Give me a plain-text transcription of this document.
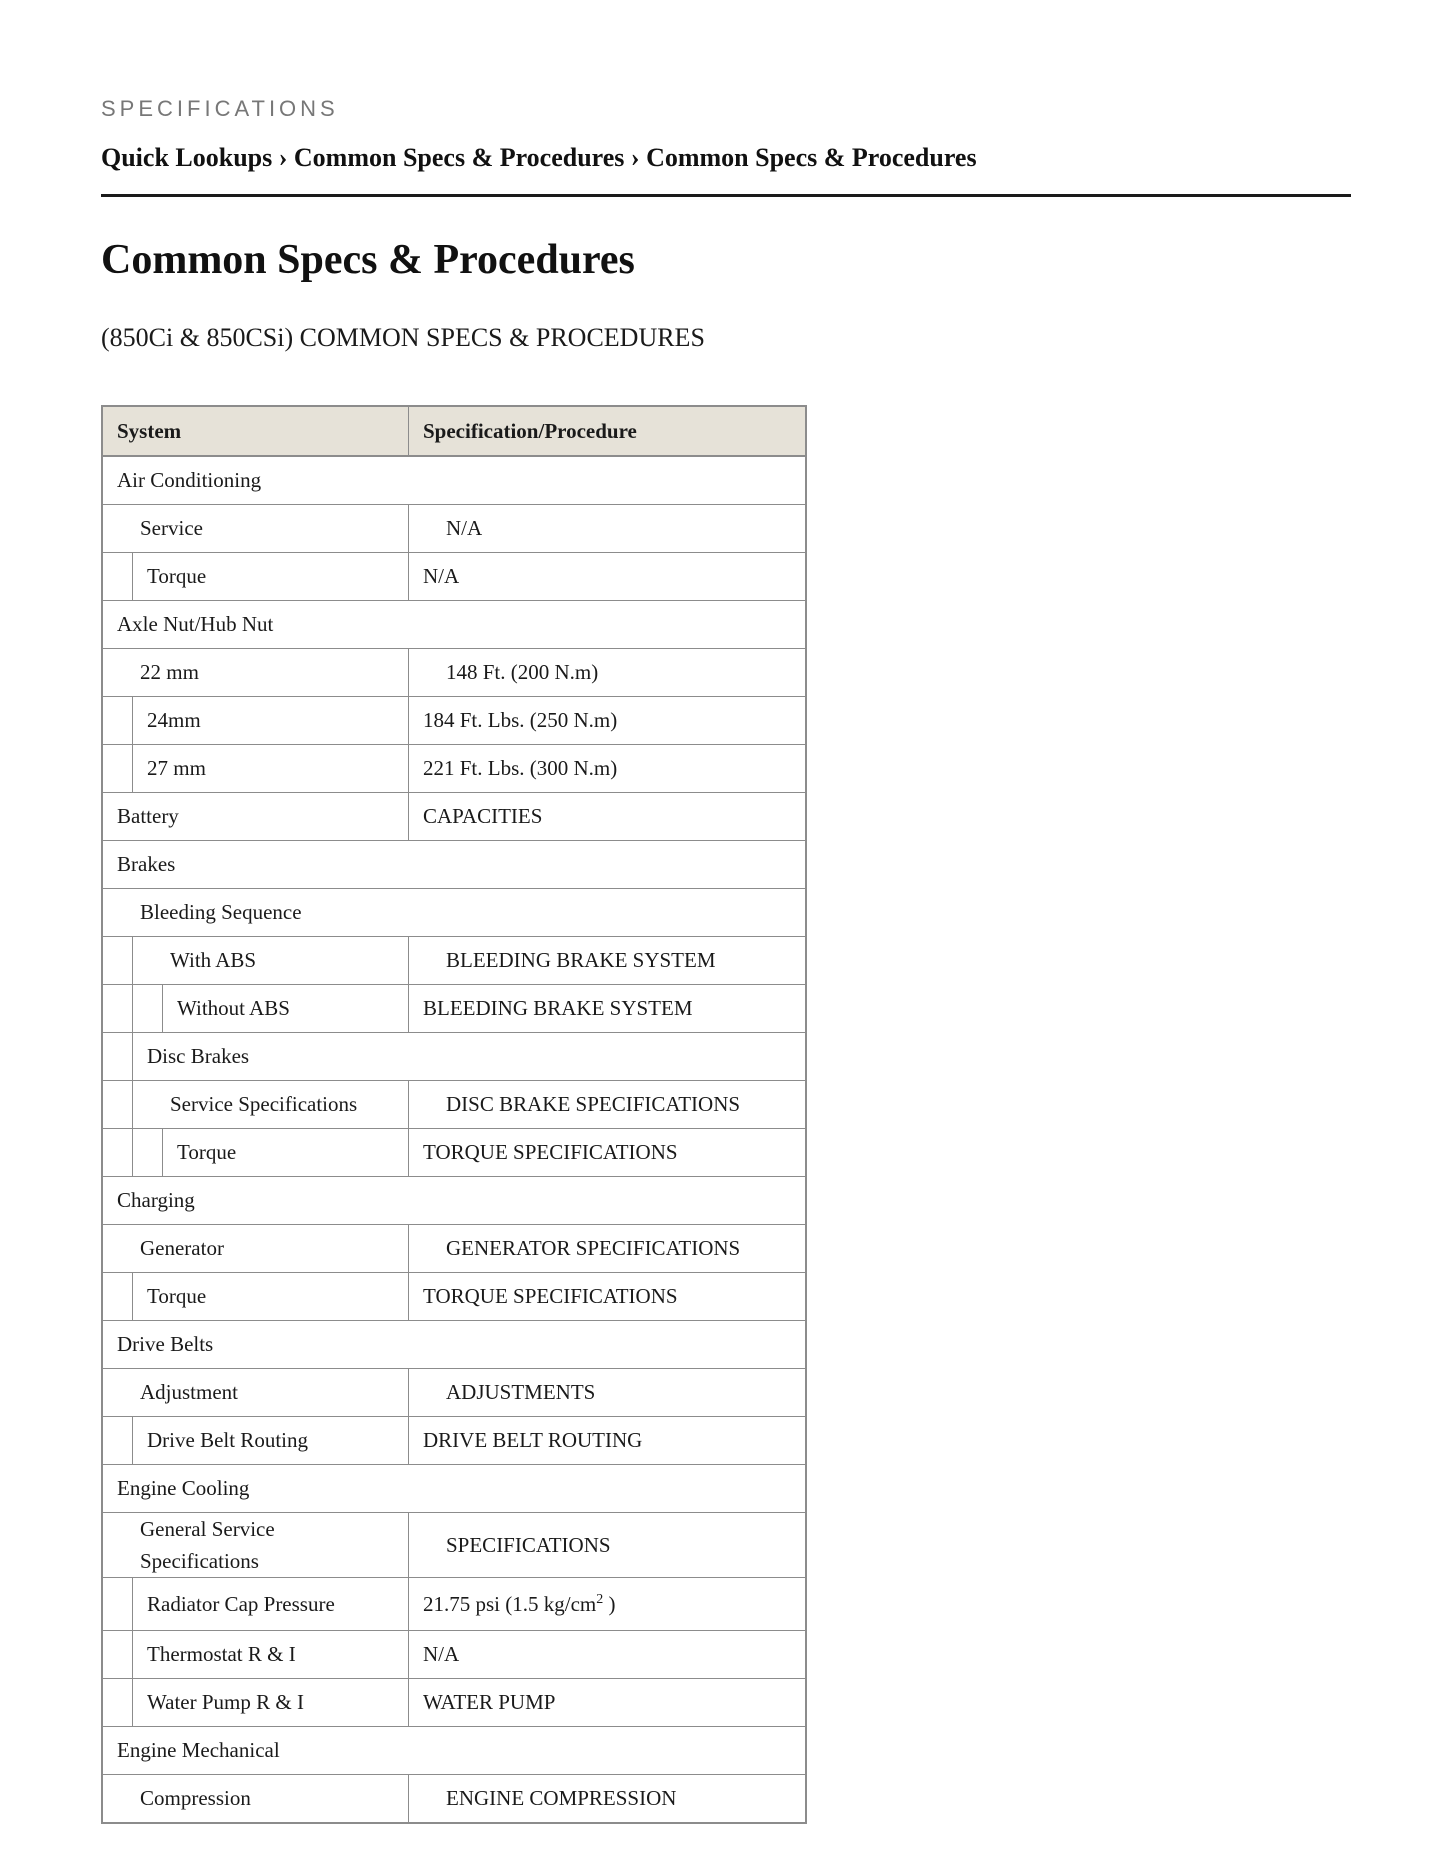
SPECIFICATIONS
Quick Lookups › Common Specs & Procedures › Common Specs & Procedures
Common Specs & Procedures
(850Ci & 850CSi) COMMON SPECS & PROCEDURES
System	Specification/Procedure
Air Conditioning	
Service	N/A

Torque	N/A
Axle Nut/Hub Nut	
22 mm	148 Ft. (200 N.m)

24mm	184 Ft. Lbs. (250 N.m)

27 mm	221 Ft. Lbs. (300 N.m)
Battery	CAPACITIES
Brakes	
Bleeding Sequence	

With ABS	BLEEDING BRAKE SYSTEM

Without ABS	BLEEDING BRAKE SYSTEM

Disc Brakes	

Service Specifications	DISC BRAKE SPECIFICATIONS

Torque	TORQUE SPECIFICATIONS
Charging	
Generator	GENERATOR SPECIFICATIONS

Torque	TORQUE SPECIFICATIONS
Drive Belts	
Adjustment	ADJUSTMENTS

Drive Belt Routing	DRIVE BELT ROUTING
Engine Cooling	
General Service Specifications	SPECIFICATIONS

Radiator Cap Pressure	21.75 psi (1.5 $kg/cm^2$ )

Thermostat R & I	N/A

Water Pump R & I	WATER PUMP
Engine Mechanical	
Compression	ENGINE COMPRESSION
